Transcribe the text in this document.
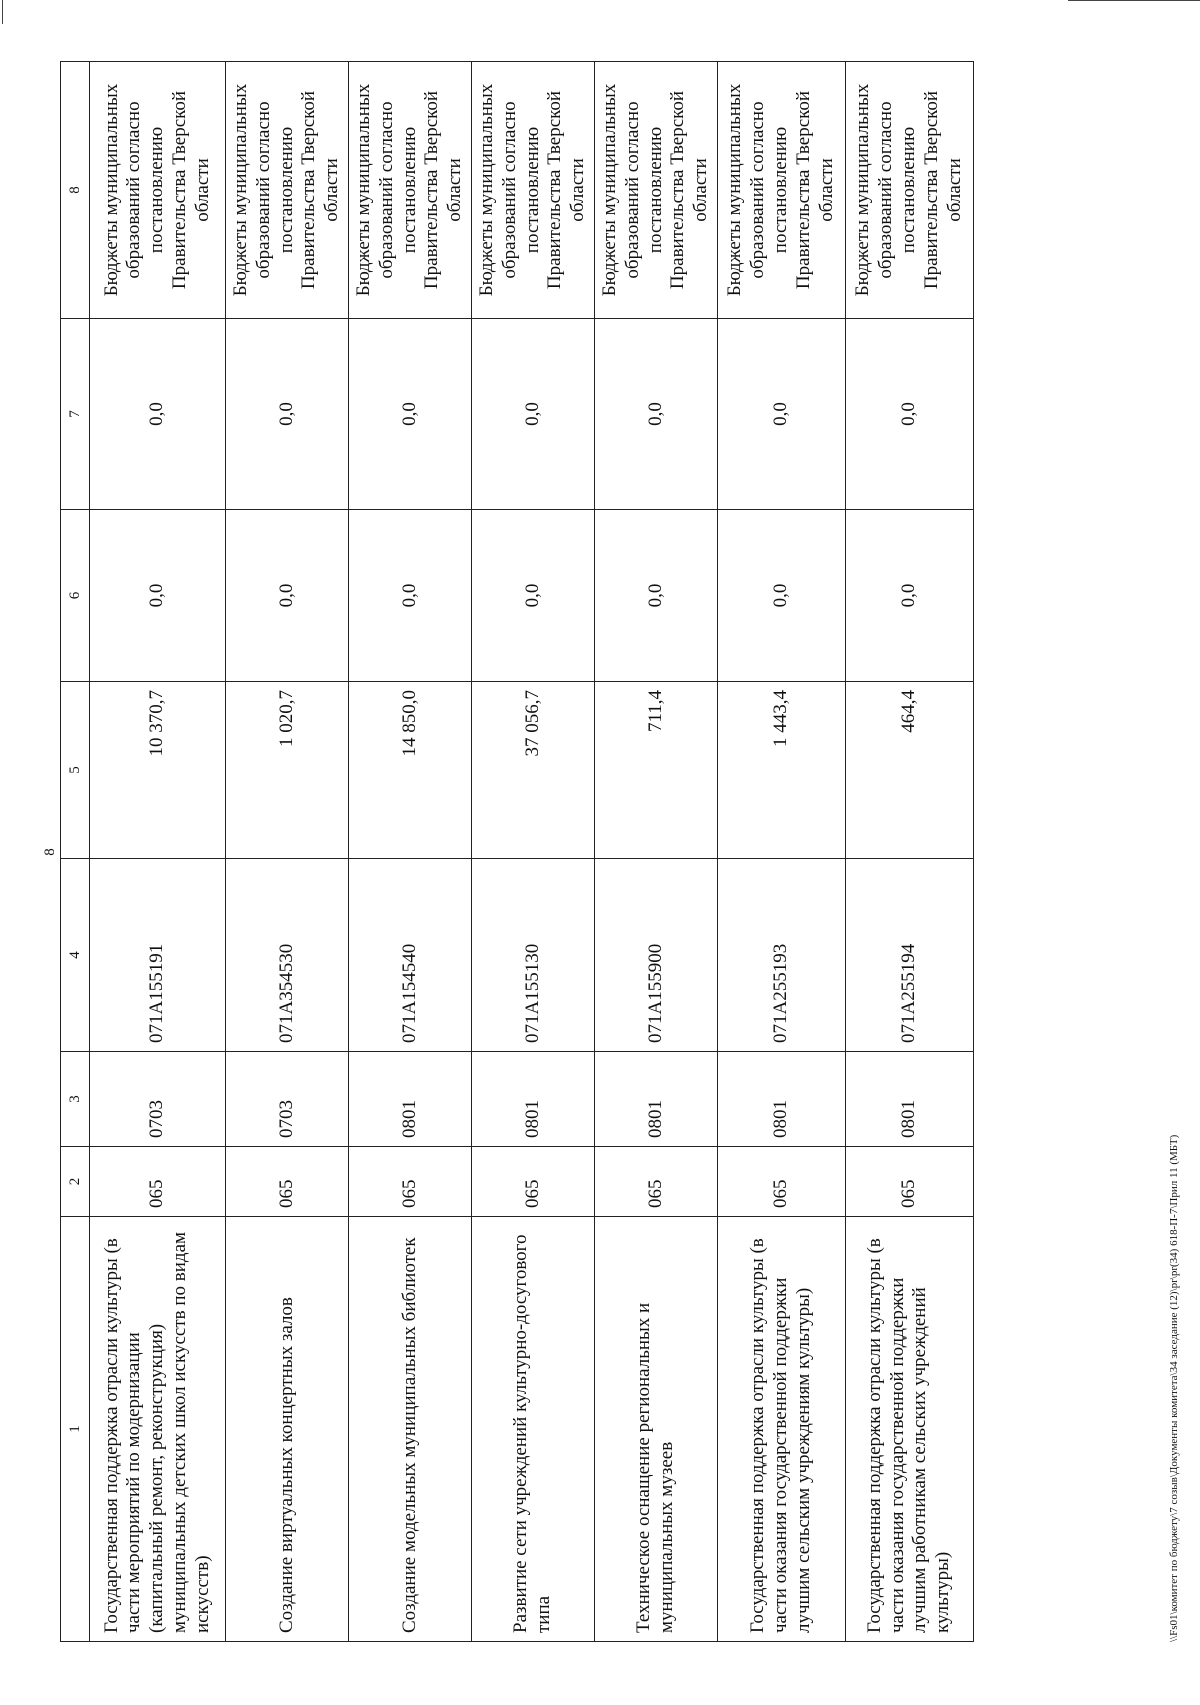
8
1	2	3	4	5	6	7	8
Государственная поддержка отрасли культуры (в части мероприятий по модернизации (капитальный ремонт, реконструкция) муниципальных детских школ искусств по видам искусств)	065	0703	071A155191	10 370,7	0,0	0,0	Бюджеты муниципальных образований согласно постановлению Правительства Тверской области
Создание виртуальных концертных залов	065	0703	071A354530	1 020,7	0,0	0,0	Бюджеты муниципальных образований согласно постановлению Правительства Тверской области
Создание модельных муниципальных библиотек	065	0801	071A154540	14 850,0	0,0	0,0	Бюджеты муниципальных образований согласно постановлению Правительства Тверской области
Развитие сети учреждений культурно-досугового типа	065	0801	071A155130	37 056,7	0,0	0,0	Бюджеты муниципальных образований согласно постановлению Правительства Тверской области
Техническое оснащение региональных и муниципальных музеев	065	0801	071A155900	711,4	0,0	0,0	Бюджеты муниципальных образований согласно постановлению Правительства Тверской области
Государственная поддержка отрасли культуры (в части оказания государственной поддержки лучшим сельским учреждениям культуры)	065	0801	071A255193	1 443,4	0,0	0,0	Бюджеты муниципальных образований согласно постановлению Правительства Тверской области
Государственная поддержка отрасли культуры (в части оказания государственной поддержки лучшим работникам сельских учреждений культуры)	065	0801	071A255194	464,4	0,0	0,0	Бюджеты муниципальных образований согласно постановлению Правительства Тверской области
\\Fs01\комитет по бюджету\7 созыв\Документы комитета\34 заседание (12)\pr\pr(34) 618-П-7\Прил 11 (МБТ)
